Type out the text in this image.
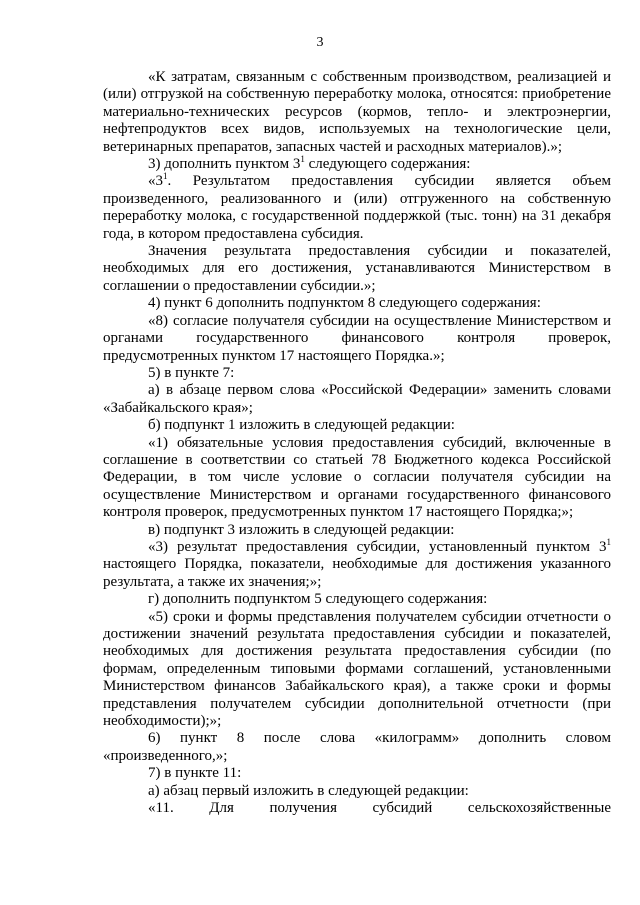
3

«К затратам, связанным с собственным производством, реализацией и (или) отгрузкой на собственную переработку молока, относятся: приобретение материально-технических ресурсов (кормов, тепло- и электроэнергии, нефтепродуктов всех видов, используемых на технологические цели, ветеринарных препаратов, запасных частей и расходных материалов).»;

3) дополнить пунктом $3^1$ следующего содержания:

«$3^1$. Результатом предоставления субсидии является объем произведенного, реализованного и (или) отгруженного на собственную переработку молока, с государственной поддержкой (тыс. тонн) на 31 декабря года, в котором предоставлена субсидия.

Значения результата предоставления субсидии и показателей, необходимых для его достижения, устанавливаются Министерством в соглашении о предоставлении субсидии.»;

4) пункт 6 дополнить подпунктом 8 следующего содержания:

«8) согласие получателя субсидии на осуществление Министерством и органами государственного финансового контроля проверок, предусмотренных пунктом 17 настоящего Порядка.»;

5) в пункте 7:

а) в абзаце первом слова «Российской Федерации» заменить словами «Забайкальского края»;

б) подпункт 1 изложить в следующей редакции:

«1) обязательные условия предоставления субсидий, включенные в соглашение в соответствии со статьей 78 Бюджетного кодекса Российской Федерации, в том числе условие о согласии получателя субсидии на осуществление Министерством и органами государственного финансового контроля проверок, предусмотренных пунктом 17 настоящего Порядка;»;

в) подпункт 3 изложить в следующей редакции:

«3) результат предоставления субсидии, установленный пунктом $3^1$ настоящего Порядка, показатели, необходимые для достижения указанного результата, а также их значения;»;

г) дополнить подпунктом 5 следующего содержания:

«5) сроки и формы представления получателем субсидии отчетности о достижении значений результата предоставления субсидии и показателей, необходимых для достижения результата предоставления субсидии (по формам, определенным типовыми формами соглашений, установленными Министерством финансов Забайкальского края), а также сроки и формы представления получателем субсидии дополнительной отчетности (при необходимости);»;

6) пункт 8 после слова «килограмм» дополнить словом «произведенного,»;

7) в пункте 11:

а) абзац первый изложить в следующей редакции:

«11. Для получения субсидий сельскохозяйственные
